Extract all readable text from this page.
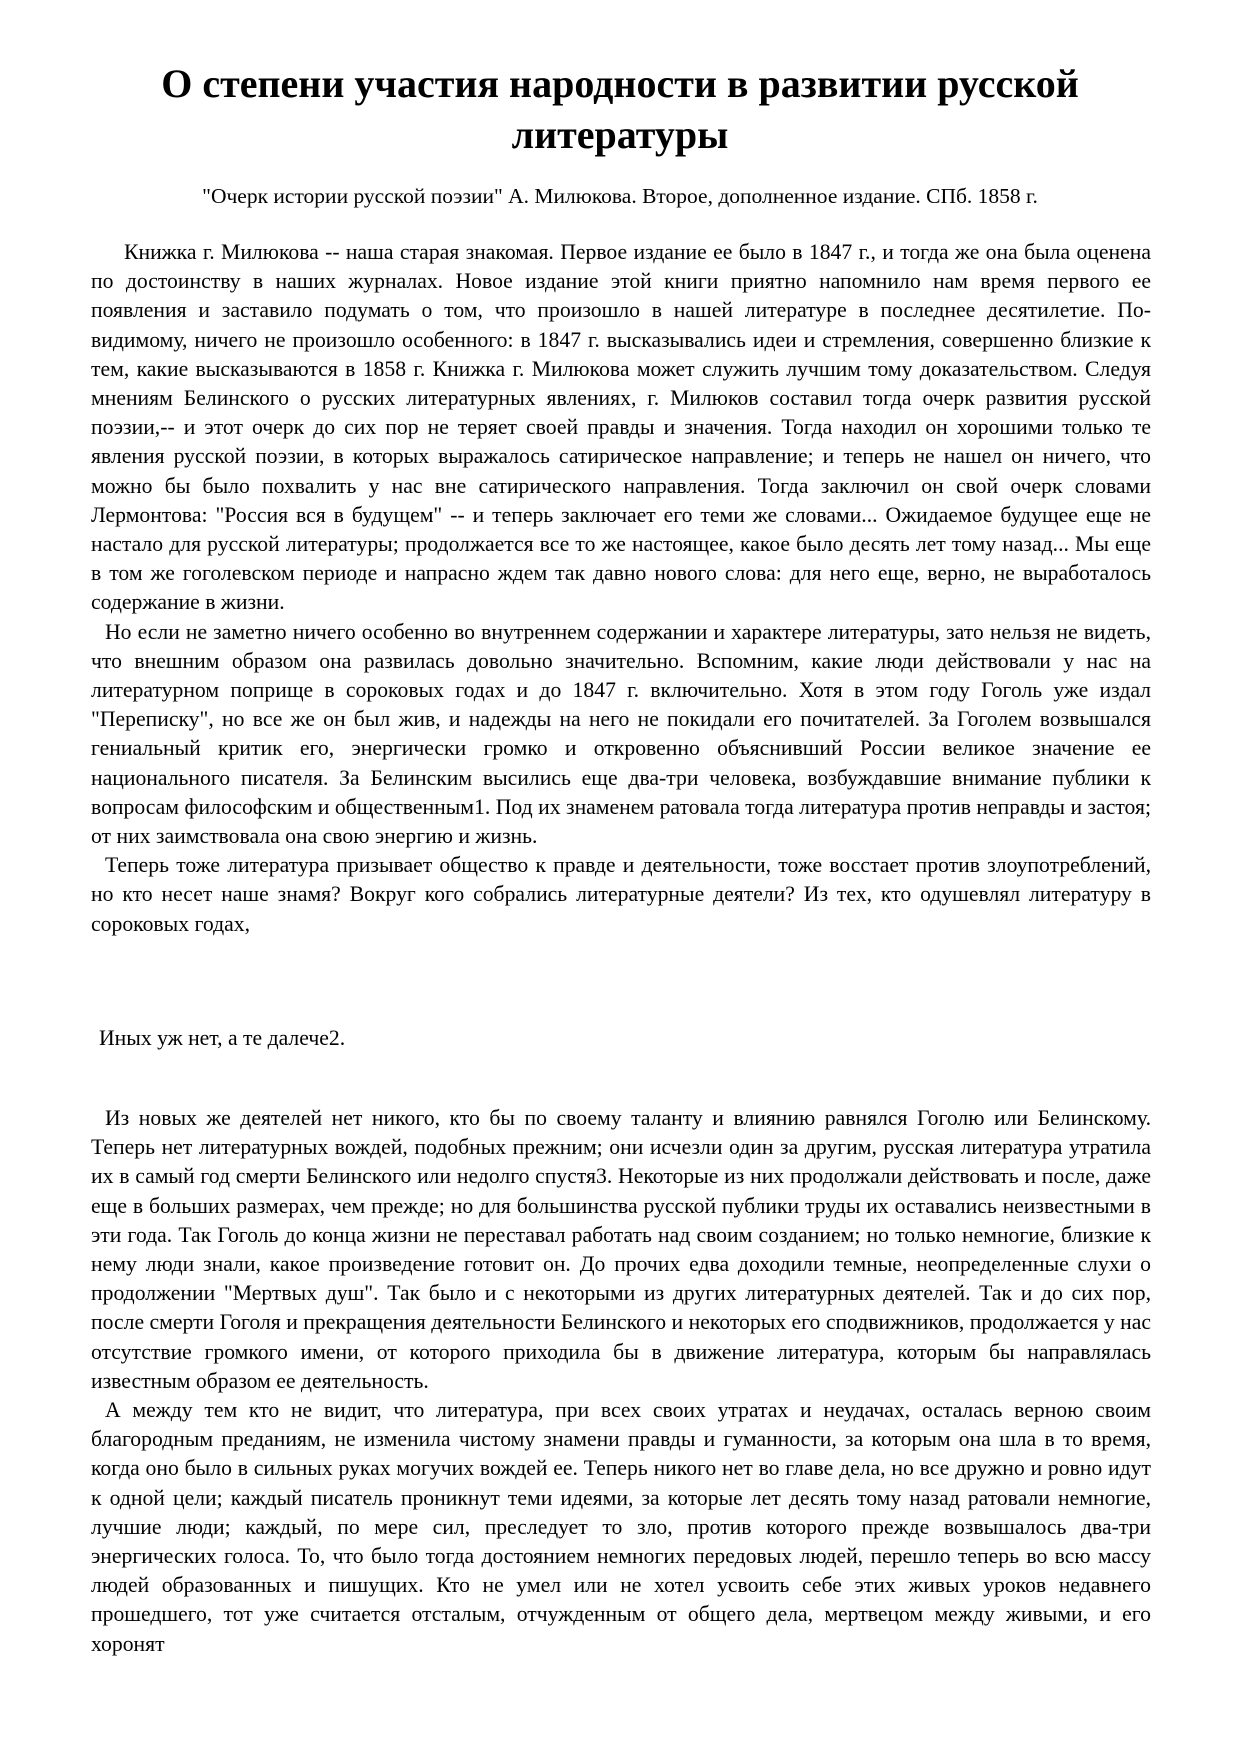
О степени участия народности в развитии русской литературы

"Очерк истории русской поэзии" А. Милюкова. Второе, дополненное издание. СПб. 1858 г.

Книжка г. Милюкова -- наша старая знакомая. Первое издание ее было в 1847 г., и тогда же она была оценена по достоинству в наших журналах. Новое издание этой книги приятно напомнило нам время первого ее появления и заставило подумать о том, что произошло в нашей литературе в последнее десятилетие. По-видимому, ничего не произошло особенного: в 1847 г. высказывались идеи и стремления, совершенно близкие к тем, какие высказываются в 1858 г. Книжка г. Милюкова может служить лучшим тому доказательством. Следуя мнениям Белинского о русских литературных явлениях, г. Милюков составил тогда очерк развития русской поэзии,-- и этот очерк до сих пор не теряет своей правды и значения. Тогда находил он хорошими только те явления русской поэзии, в которых выражалось сатирическое направление; и теперь не нашел он ничего, что можно бы было похвалить у нас вне сатирического направления. Тогда заключил он свой очерк словами Лермонтова: "Россия вся в будущем" -- и теперь заключает его теми же словами... Ожидаемое будущее еще не настало для русской литературы; продолжается все то же настоящее, какое было десять лет тому назад... Мы еще в том же гоголевском периоде и напрасно ждем так давно нового слова: для него еще, верно, не выработалось содержание в жизни.

Но если не заметно ничего особенно во внутреннем содержании и характере литературы, зато нельзя не видеть, что внешним образом она развилась довольно значительно. Вспомним, какие люди действовали у нас на литературном поприще в сороковых годах и до 1847 г. включительно. Хотя в этом году Гоголь уже издал "Переписку", но все же он был жив, и надежды на него не покидали его почитателей. За Гоголем возвышался гениальный критик его, энергически громко и откровенно объяснивший России великое значение ее национального писателя. За Белинским высились еще два-три человека, возбуждавшие внимание публики к вопросам философским и общественным1. Под их знаменем ратовала тогда литература против неправды и застоя; от них заимствовала она свою энергию и жизнь.

Теперь тоже литература призывает общество к правде и деятельности, тоже восстает против злоупотреблений, но кто несет наше знамя? Вокруг кого собрались литературные деятели? Из тех, кто одушевлял литературу в сороковых годах,

Иных уж нет, а те далече2.

Из новых же деятелей нет никого, кто бы по своему таланту и влиянию равнялся Гоголю или Белинскому. Теперь нет литературных вождей, подобных прежним; они исчезли один за другим, русская литература утратила их в самый год смерти Белинского или недолго спустя3. Некоторые из них продолжали действовать и после, даже еще в больших размерах, чем прежде; но для большинства русской публики труды их оставались неизвестными в эти года. Так Гоголь до конца жизни не переставал работать над своим созданием; но только немногие, близкие к нему люди знали, какое произведение готовит он. До прочих едва доходили темные, неопределенные слухи о продолжении "Мертвых душ". Так было и с некоторыми из других литературных деятелей. Так и до сих пор, после смерти Гоголя и прекращения деятельности Белинского и некоторых его сподвижников, продолжается у нас отсутствие громкого имени, от которого приходила бы в движение литература, которым бы направлялась известным образом ее деятельность.

А между тем кто не видит, что литература, при всех своих утратах и неудачах, осталась верною своим благородным преданиям, не изменила чистому знамени правды и гуманности, за которым она шла в то время, когда оно было в сильных руках могучих вождей ее. Теперь никого нет во главе дела, но все дружно и ровно идут к одной цели; каждый писатель проникнут теми идеями, за которые лет десять тому назад ратовали немногие, лучшие люди; каждый, по мере сил, преследует то зло, против которого прежде возвышалось два-три энергических голоса. То, что было тогда достоянием немногих передовых людей, перешло теперь во всю массу людей образованных и пишущих. Кто не умел или не хотел усвоить себе этих живых уроков недавнего прошедшего, тот уже считается отсталым, отчужденным от общего дела, мертвецом между живыми, и его хоронят
